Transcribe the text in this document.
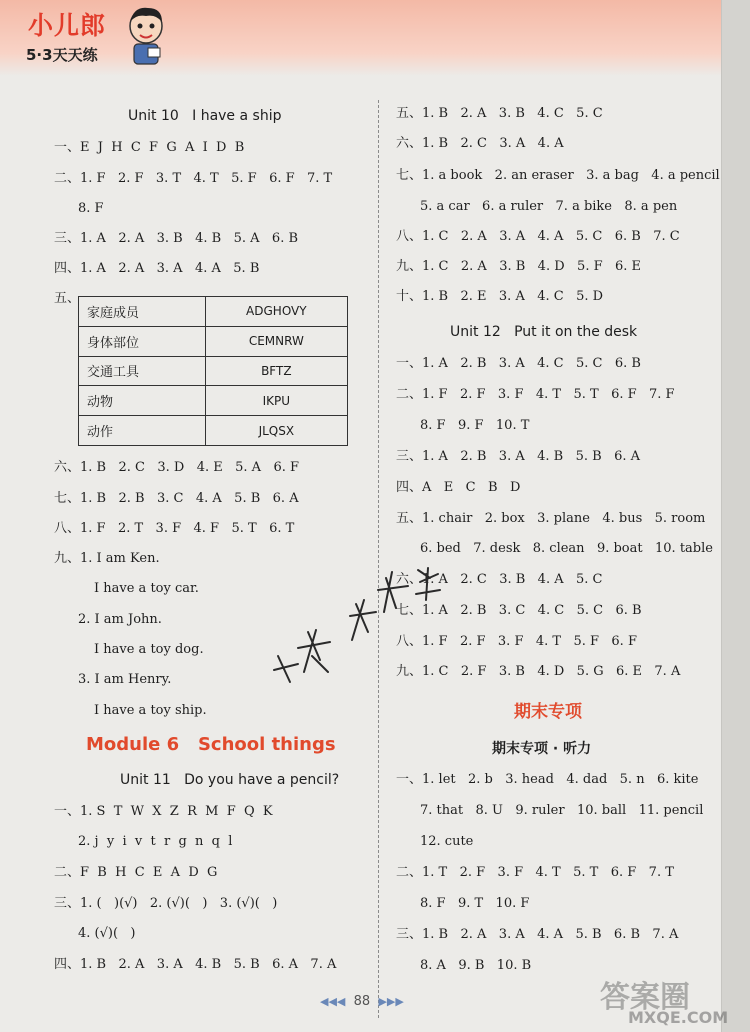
小儿郎
5·3天天练
Unit 10   I have a ship
一、E  J  H  C  F  G  A  I  D  B
二、1. F   2. F   3. T   4. T   5. F   6. F   7. T
8. F
三、1. A   2. A   3. B   4. B   5. A   6. B
四、1. A   2. A   3. A   4. A   5. B
五、
家庭成员	ADGHOVY
身体部位	CEMNRW
交通工具	BFTZ
动物	IKPU
动作	JLQSX
六、1. B   2. C   3. D   4. E   5. A   6. F
七、1. B   2. B   3. C   4. A   5. B   6. A
八、1. F   2. T   3. F   4. F   5. T   6. T
九、1. I am Ken.
I have a toy car.
2. I am John.
I have a toy dog.
3. I am Henry.
I have a toy ship.
Module 6   School things
Unit 11   Do you have a pencil?
一、1. S  T  W  X  Z  R  M  F  Q  K
2. j  y  i  v  t  r  g  n  q  l
二、F  B  H  C  E  A  D  G
三、1. (   )(√)   2. (√)(   )   3. (√)(   )
4. (√)(   )
四、1. B   2. A   3. A   4. B   5. B   6. A   7. A
五、1. B   2. A   3. B   4. C   5. C
六、1. B   2. C   3. A   4. A
七、1. a book   2. an eraser   3. a bag   4. a pencil
5. a car   6. a ruler   7. a bike   8. a pen
八、1. C   2. A   3. A   4. A   5. C   6. B   7. C
九、1. C   2. A   3. B   4. D   5. F   6. E
十、1. B   2. E   3. A   4. C   5. D
Unit 12   Put it on the desk
一、1. A   2. B   3. A   4. C   5. C   6. B
二、1. F   2. F   3. F   4. T   5. T   6. F   7. F
8. F   9. F   10. T
三、1. A   2. B   3. A   4. B   5. B   6. A
四、A   E   C   B   D
五、1. chair   2. box   3. plane   4. bus   5. room
6. bed   7. desk   8. clean   9. boat   10. table
六、1. A   2. C   3. B   4. A   5. C
七、1. A   2. B   3. C   4. C   5. C   6. B
八、1. F   2. F   3. F   4. T   5. F   6. F
九、1. C   2. F   3. B   4. D   5. G   6. E   7. A
期末专项
期末专项 · 听力
一、1. let   2. b   3. head   4. dad   5. n   6. kite
7. that   8. U   9. ruler   10. ball   11. pencil
12. cute
二、1. T   2. F   3. F   4. T   5. T   6. F   7. T
8. F   9. T   10. F
三、1. B   2. A   3. A   4. A   5. B   6. B   7. A
8. A   9. B   10. B
◀◀◀ 88 ▶▶▶	答案圈
MXQE.COM
